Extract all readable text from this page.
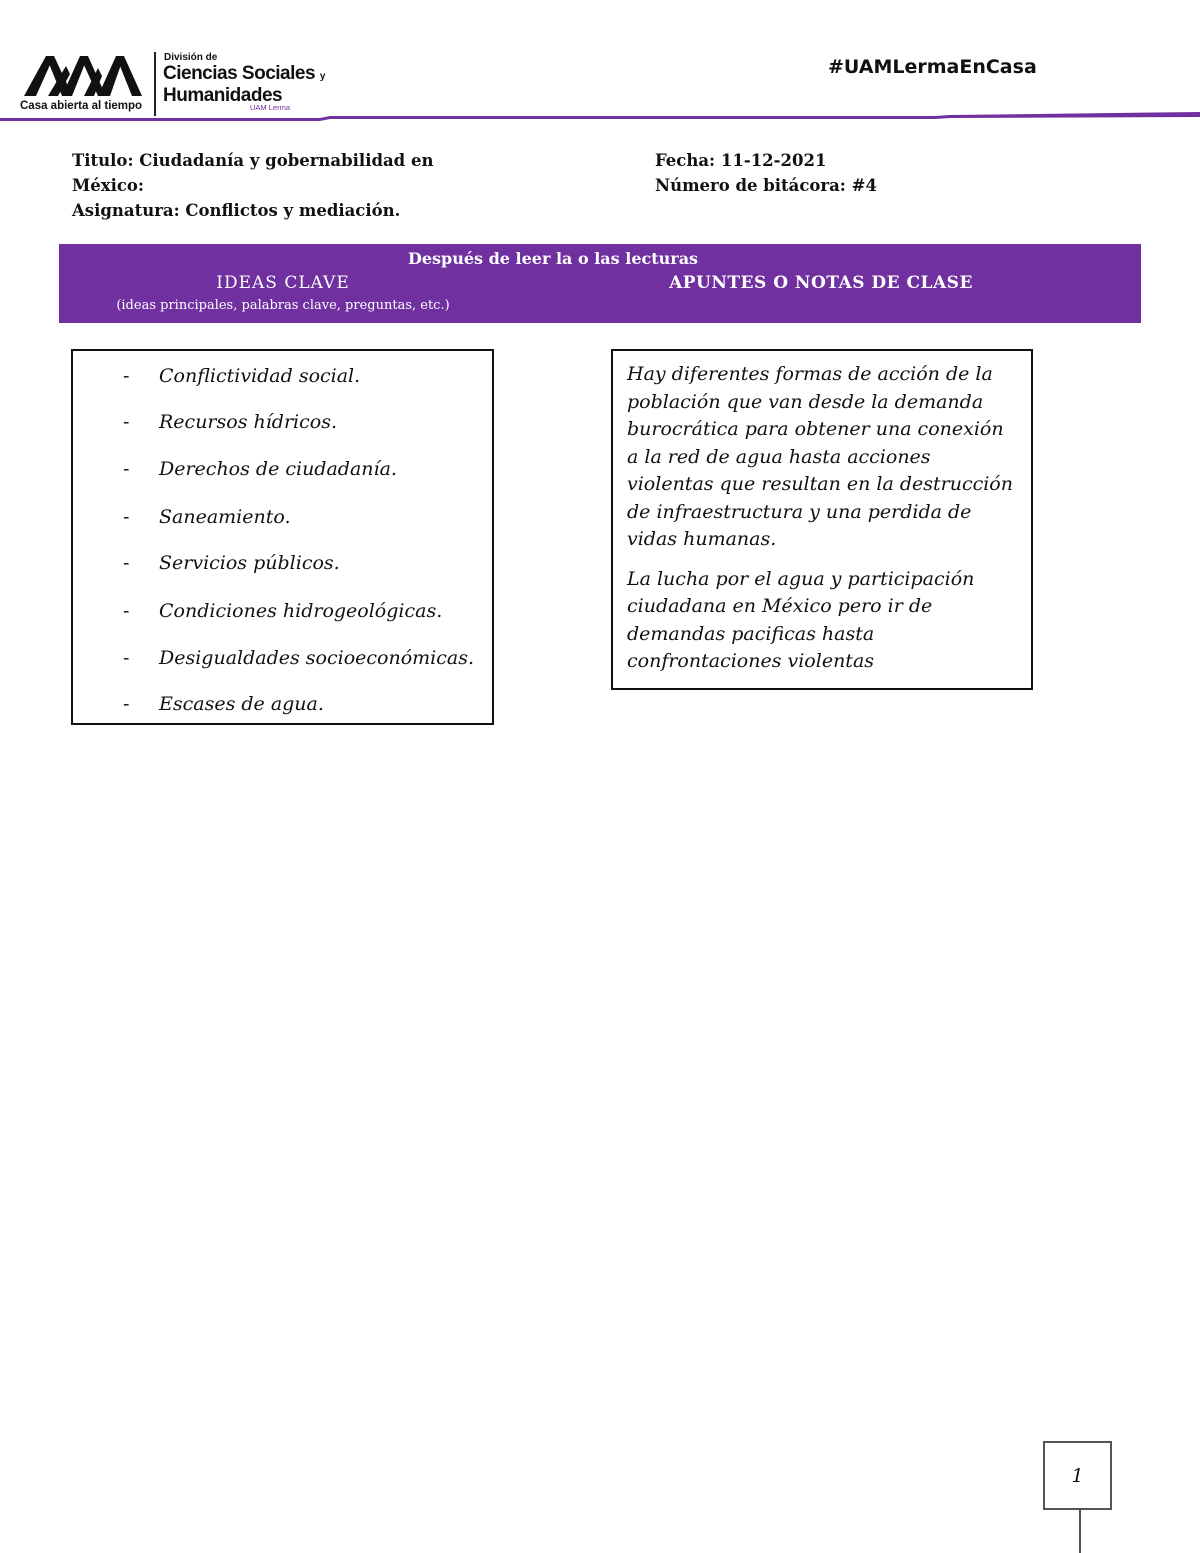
Casa abierta al tiempo
División de
Ciencias Sociales y
Humanidades
UAM Lerma
#UAMLermaEnCasa
Titulo: Ciudadanía y gobernabilidad en
México:
Asignatura: Conflictos y mediación.
Fecha: 11-12-2021
Número de bitácora: #4
Después de leer la o las lecturas
IDEAS CLAVE
(ideas principales, palabras clave, preguntas, etc.)
APUNTES O NOTAS DE CLASE
- Conflictividad social.
- Recursos hídricos.
- Derechos de ciudadanía.
- Saneamiento.
- Servicios públicos.
- Condiciones hidrogeológicas.
- Desigualdades socioeconómicas.
- Escases de agua.

Hay diferentes formas de acción de la población que van desde la demanda burocrática para obtener una conexión a la red de agua hasta acciones violentas que resultan en la destrucción de infraestructura y una perdida de vidas humanas.

La lucha por el agua y participación ciudadana en México pero ir de demandas pacificas hasta confrontaciones violentas

1
